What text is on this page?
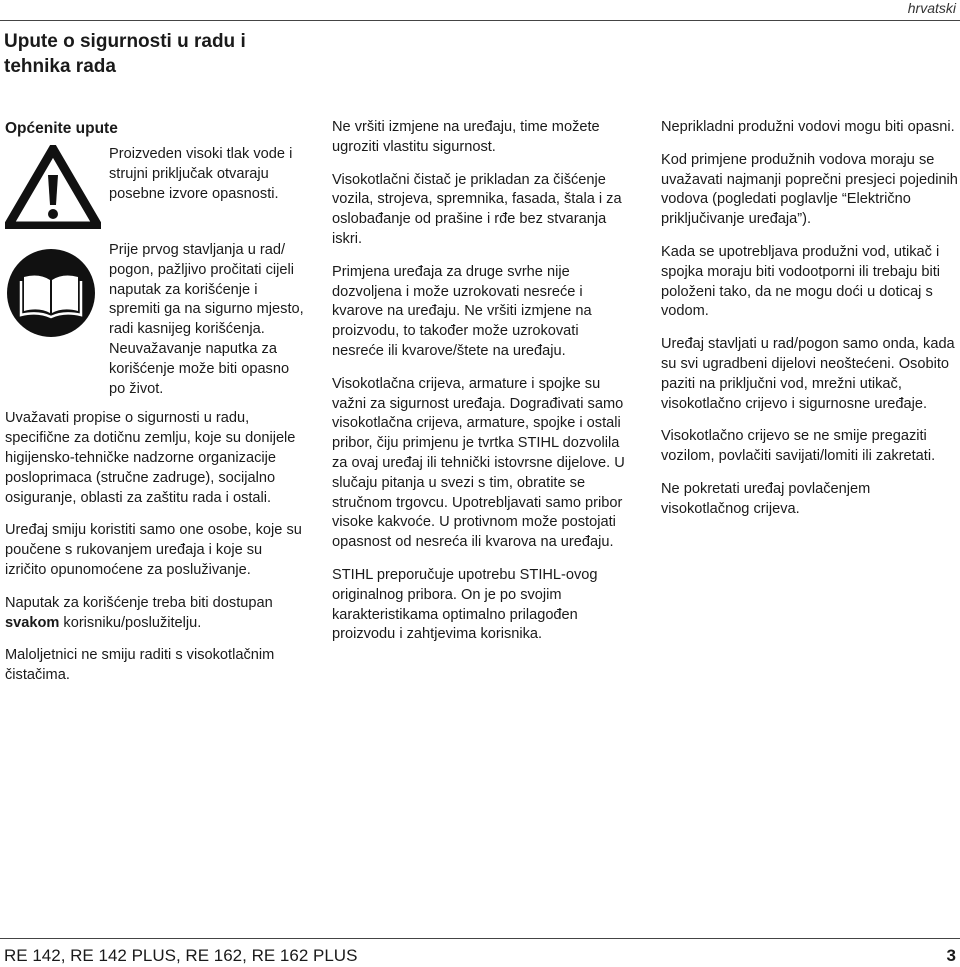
hrvatski
Upute o sigurnosti u radu i tehnika rada
Općenite upute
Proizveden visoki tlak vode i strujni priključak otvaraju posebne izvore opasnosti.
Prije prvog stavljanja u rad/ pogon, pažljivo pročitati cijeli naputak za korišćenje i spremiti ga na sigurno mjesto, radi kasnijeg korišćenja. Neuvažavanje naputka za korišćenje može biti opasno po život.

Uvažavati propise o sigurnosti u radu, specifične za dotičnu zemlju, koje su donijele higijensko-tehničke nadzorne organizacije posloprimaca (stručne zadruge), socijalno osiguranje, oblasti za zaštitu rada i ostali.

Uređaj smiju koristiti samo one osobe, koje su poučene s rukovanjem uređaja i koje su izričito opunomoćene za posluživanje.

Naputak za korišćenje treba biti dostupan svakom korisniku/poslužitelju.

Maloljetnici ne smiju raditi s visokotlačnim čistačima.

Ne vršiti izmjene na uređaju, time možete ugroziti vlastitu sigurnost.

Visokotlačni čistač je prikladan za čišćenje vozila, strojeva, spremnika, fasada, štala i za oslobađanje od prašine i rđe bez stvaranja iskri.

Primjena uređaja za druge svrhe nije dozvoljena i može uzrokovati nesreće i kvarove na uređaju. Ne vršiti izmjene na proizvodu, to također može uzrokovati nesreće ili kvarove/štete na uređaju.

Visokotlačna crijeva, armature i spojke su važni za sigurnost uređaja. Dograđivati samo visokotlačna crijeva, armature, spojke i ostali pribor, čiju primjenu je tvrtka STIHL dozvolila za ovaj uređaj ili tehnički istovrsne dijelove. U slučaju pitanja u svezi s tim, obratite se stručnom trgovcu. Upotrebljavati samo pribor visoke kakvoće. U protivnom može postojati opasnost od nesreća ili kvarova na uređaju.

STIHL preporučuje upotrebu STIHL-ovog originalnog pribora. On je po svojim karakteristikama optimalno prilagođen proizvodu i zahtjevima korisnika.

Neprikladni produžni vodovi mogu biti opasni.

Kod primjene produžnih vodova moraju se uvažavati najmanji poprečni presjeci pojedinih vodova (pogledati poglavlje “Električno priključivanje uređaja”).

Kada se upotrebljava produžni vod, utikač i spojka moraju biti vodootporni ili trebaju biti položeni tako, da ne mogu doći u doticaj s vodom.

Uređaj stavljati u rad/pogon samo onda, kada su svi ugradbeni dijelovi neoštećeni. Osobito paziti na priključni vod, mrežni utikač, visokotlačno crijevo i sigurnosne uređaje.

Visokotlačno crijevo se ne smije pregaziti vozilom, povlačiti savijati/lomiti ili zakretati.

Ne pokretati uređaj povlačenjem visokotlačnog crijeva.

RE 142, RE 142 PLUS, RE 162, RE 162 PLUS	3
